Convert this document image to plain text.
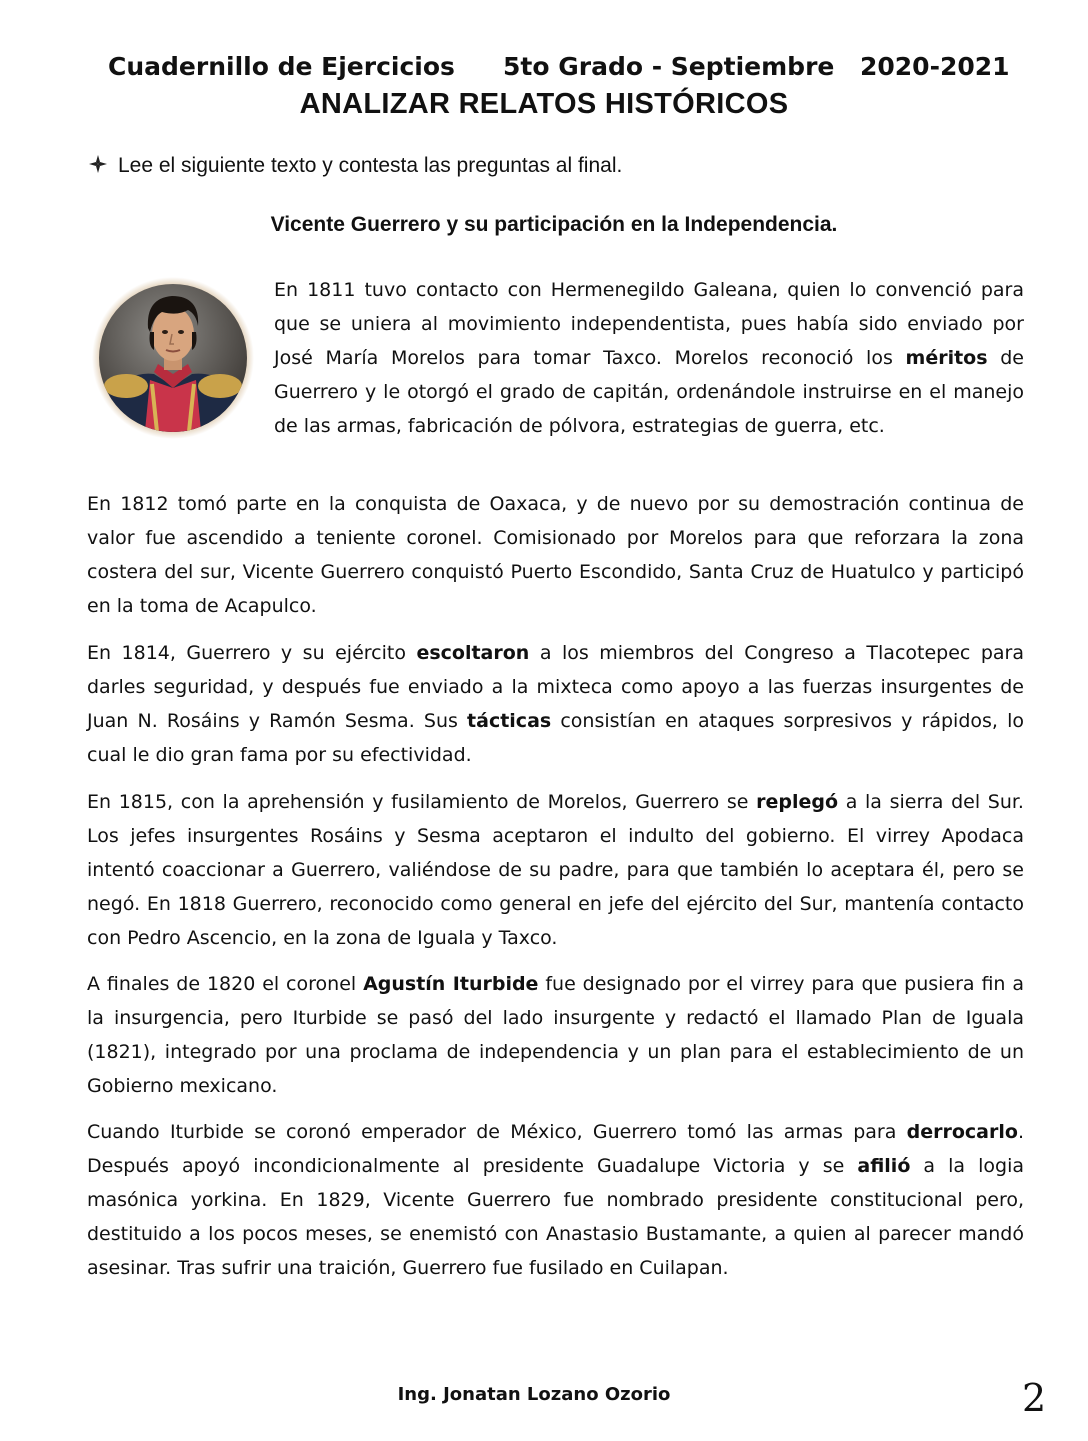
Cuadernillo de Ejercicios 5to Grado - Septiembre 2020-2021
ANALIZAR RELATOS HISTÓRICOS
Lee el siguiente texto y contesta las preguntas al final.
Vicente Guerrero y su participación en la Independencia.
En 1811 tuvo contacto con Hermenegildo Galeana, quien lo convenció para que se uniera al movimiento independentista, pues había sido enviado por José María Morelos para tomar Taxco. Morelos reconoció los méritos de Guerrero y le otorgó el grado de capitán, ordenándole instruirse en el manejo de las armas, fabricación de pólvora, estrategias de guerra, etc.
En 1812 tomó parte en la conquista de Oaxaca, y de nuevo por su demostración continua de valor fue ascendido a teniente coronel. Comisionado por Morelos para que reforzara la zona costera del sur, Vicente Guerrero conquistó Puerto Escondido, Santa Cruz de Huatulco y participó en la toma de Acapulco.
En 1814, Guerrero y su ejército escoltaron a los miembros del Congreso a Tlacotepec para darles seguridad, y después fue enviado a la mixteca como apoyo a las fuerzas insurgentes de Juan N. Rosáins y Ramón Sesma. Sus tácticas consistían en ataques sorpresivos y rápidos, lo cual le dio gran fama por su efectividad.
En 1815, con la aprehensión y fusilamiento de Morelos, Guerrero se replegó a la sierra del Sur. Los jefes insurgentes Rosáins y Sesma aceptaron el indulto del gobierno. El virrey Apodaca intentó coaccionar a Guerrero, valiéndose de su padre, para que también lo aceptara él, pero se negó. En 1818 Guerrero, reconocido como general en jefe del ejército del Sur, mantenía contacto con Pedro Ascencio, en la zona de Iguala y Taxco.
A finales de 1820 el coronel Agustín Iturbide fue designado por el virrey para que pusiera fin a la insurgencia, pero Iturbide se pasó del lado insurgente y redactó el llamado Plan de Iguala (1821), integrado por una proclama de independencia y un plan para el establecimiento de un Gobierno mexicano.
Cuando Iturbide se coronó emperador de México, Guerrero tomó las armas para derrocarlo. Después apoyó incondicionalmente al presidente Guadalupe Victoria y se afilió a la logia masónica yorkina. En 1829, Vicente Guerrero fue nombrado presidente constitucional pero, destituido a los pocos meses, se enemistó con Anastasio Bustamante, a quien al parecer mandó asesinar. Tras sufrir una traición, Guerrero fue fusilado en Cuilapan.
Ing. Jonatan Lozano Ozorio	2
